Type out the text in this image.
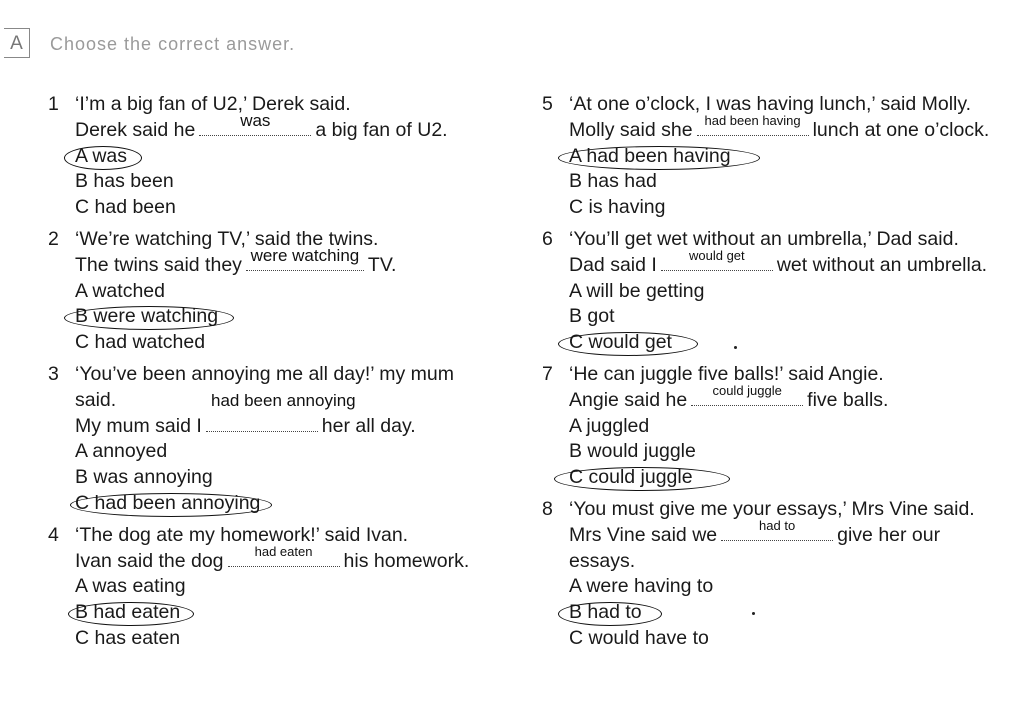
A	Choose the correct answer.
1 ‘I’m a big fan of U2,’ Derek said.
Derek said he	was	a big fan of U2.
A was
B has been
C had been
2 ‘We’re watching TV,’ said the twins.
The twins said they were watching TV.
A watched
B were watching
C had watched
3 ‘You’ve been annoying me all day!’ my mum
said.	had been annoying
My mum said I	her all day.
A annoyed
B was annoying
C had been annoying
4 ‘The dog ate my homework!’ said Ivan.
Ivan said the dog	had eaten	his homework.
A was eating
B had eaten
C has eaten
5 ‘At one o’clock, I was having lunch,’ said Molly.
Molly said she had been having lunch at one o’clock.
A had been having
B has had
C is having
6 ‘You’ll get wet without an umbrella,’ Dad said.
Dad said I	would get	wet without an umbrella.
A will be getting
B got
C would get
7 ‘He can juggle five balls!’ said Angie.
Angie said he	could juggle	five balls.
A juggled
B would juggle
C could juggle
8 ‘You must give me your essays,’ Mrs Vine said.
Mrs Vine said we	had to	give her our
essays.
A were having to
B had to
C would have to
